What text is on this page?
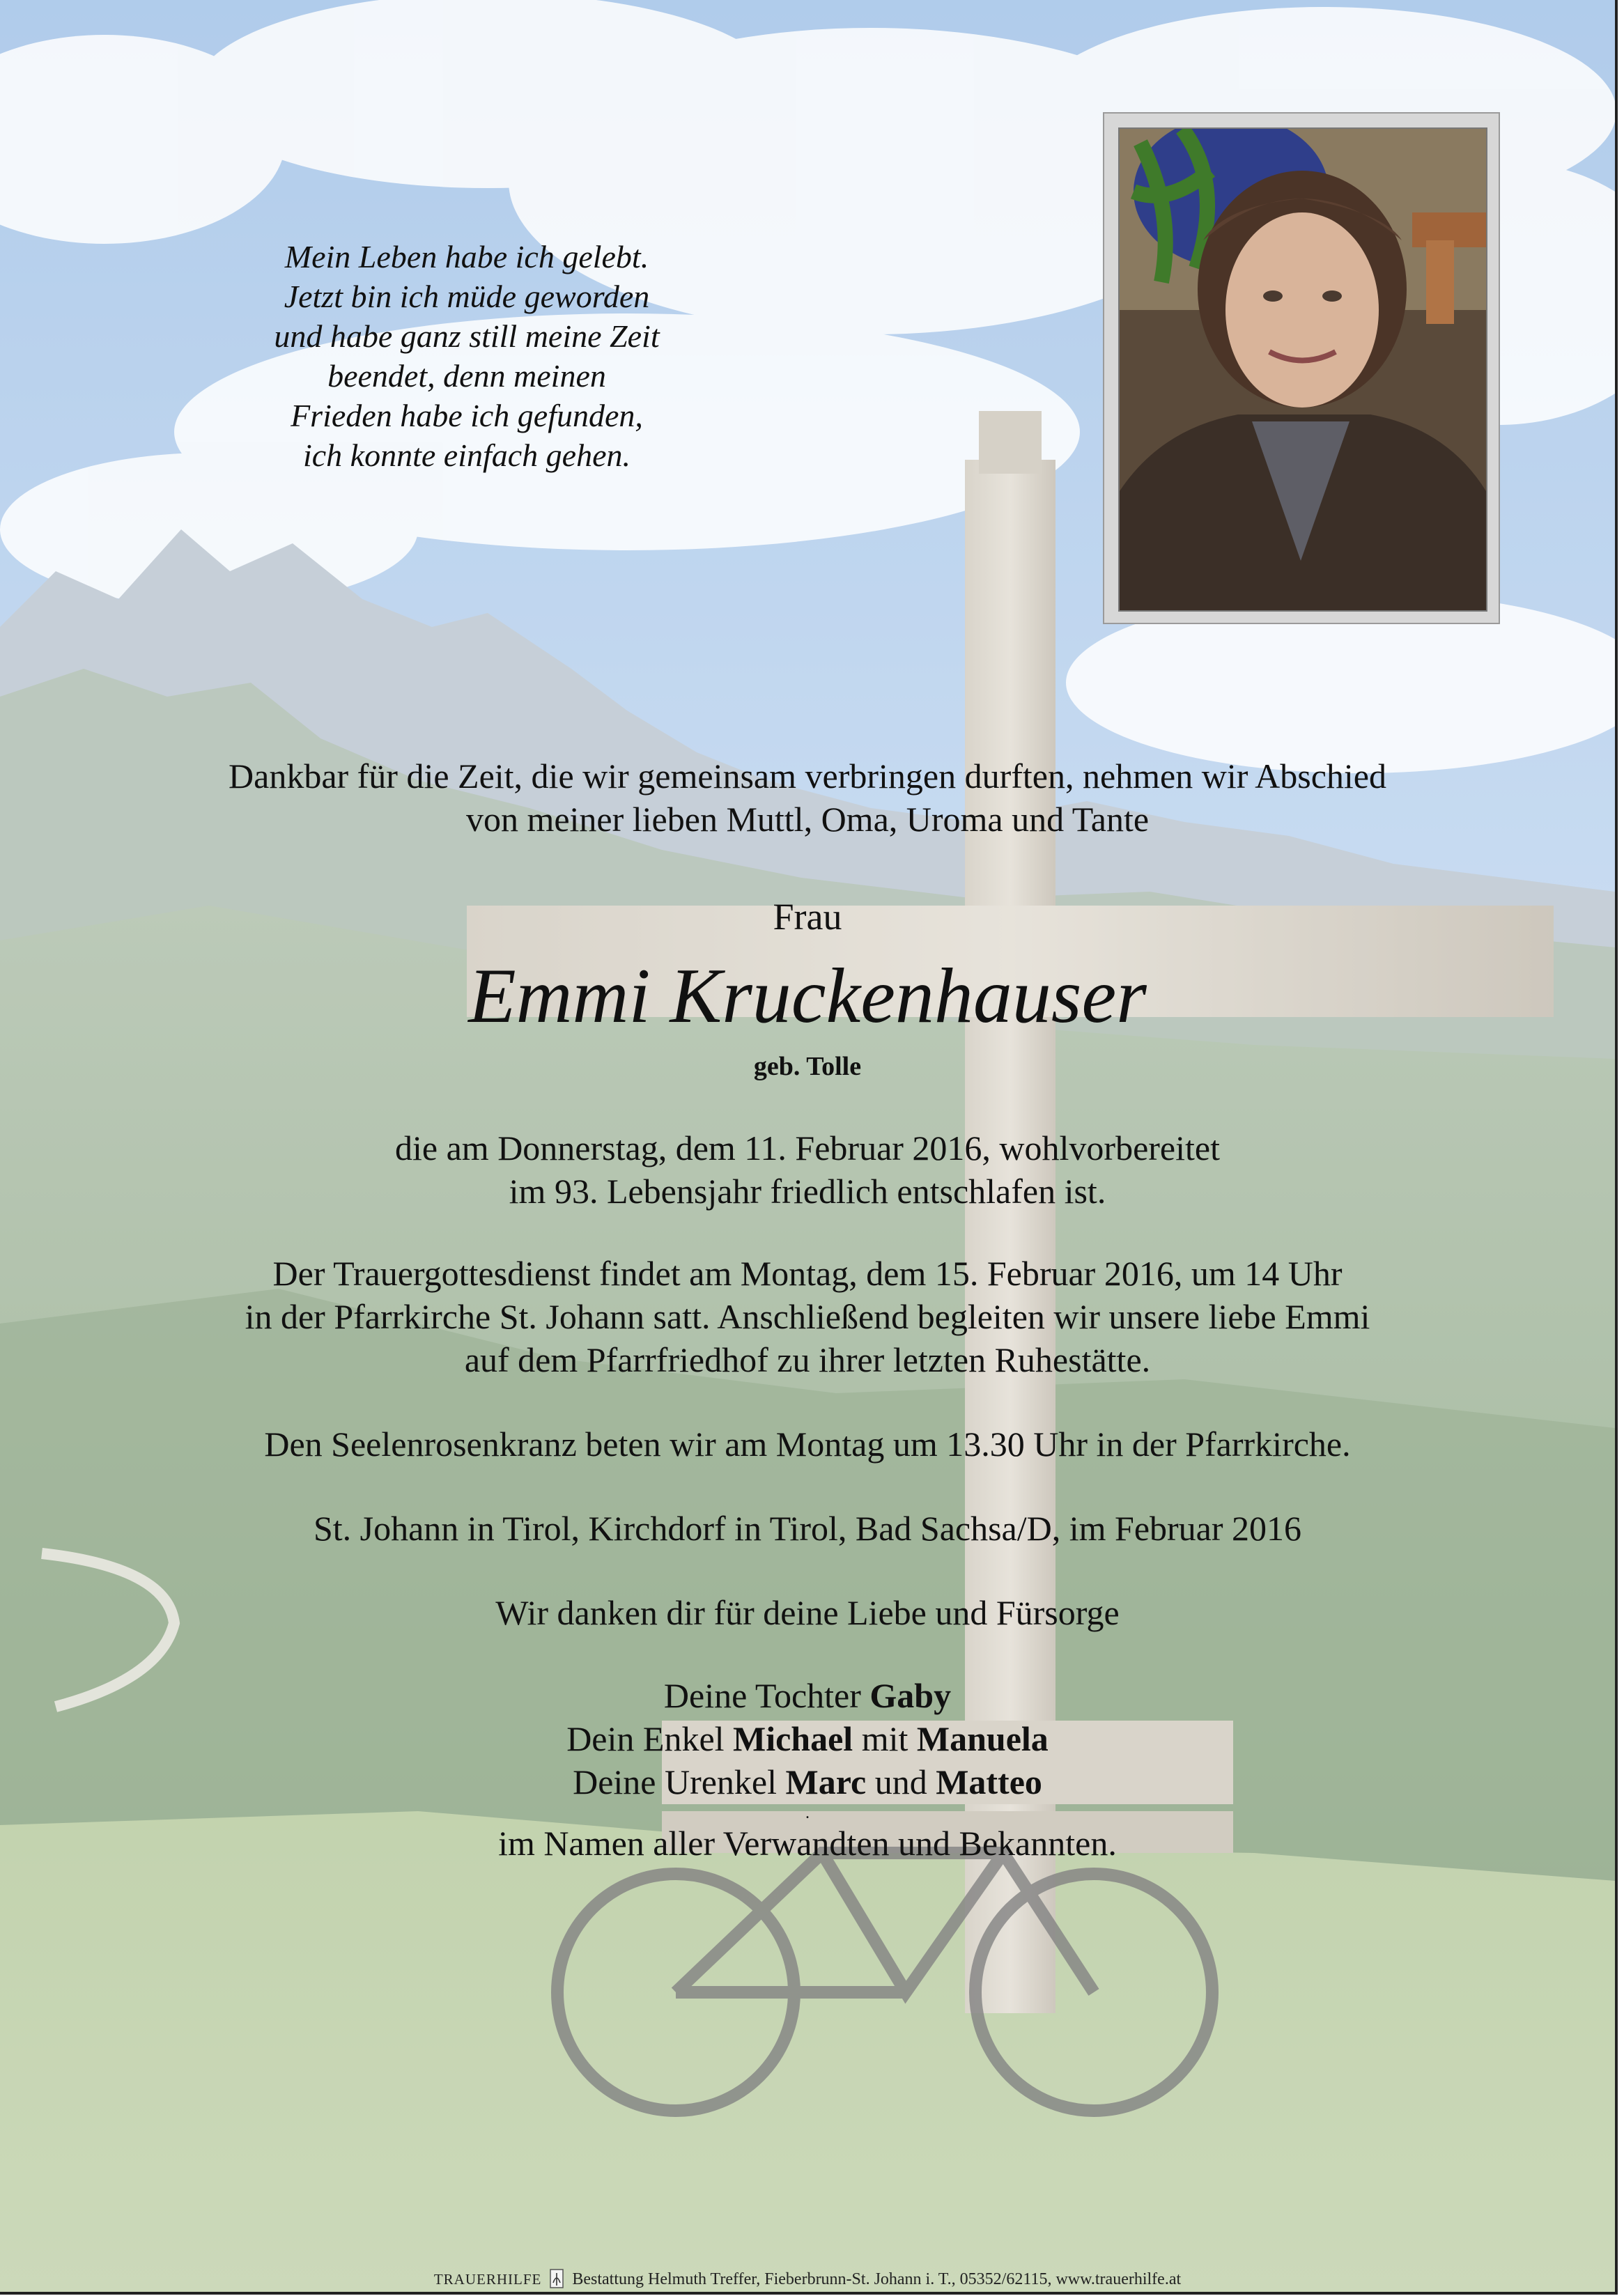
Mein Leben habe ich gelebt.
Jetzt bin ich müde geworden
und habe ganz still meine Zeit
beendet, denn meinen
Frieden habe ich gefunden,
ich konnte einfach gehen.
Dankbar für die Zeit, die wir gemeinsam verbringen durften, nehmen wir Abschied
von meiner lieben Muttl, Oma, Uroma und Tante
Frau
Emmi Kruckenhauser
geb. Tolle
die am Donnerstag, dem 11. Februar 2016, wohlvorbereitet
im 93. Lebensjahr friedlich entschlafen ist.
Der Trauergottesdienst findet am Montag, dem 15. Februar 2016, um 14 Uhr
in der Pfarrkirche St. Johann satt. Anschließend begleiten wir unsere liebe Emmi
auf dem Pfarrfriedhof zu ihrer letzten Ruhestätte.
Den Seelenrosenkranz beten wir am Montag um 13.30 Uhr in der Pfarrkirche.
St. Johann in Tirol, Kirchdorf in Tirol, Bad Sachsa/D, im Februar 2016
Wir danken dir für deine Liebe und Fürsorge
Deine Tochter Gaby
Dein Enkel Michael mit Manuela
Deine Urenkel Marc und Matteo
.
im Namen aller Verwandten und Bekannten.
TRAUERHILFE Bestattung Helmuth Treffer, Fieberbrunn-St. Johann i. T., 05352/62115, www.trauerhilfe.at
